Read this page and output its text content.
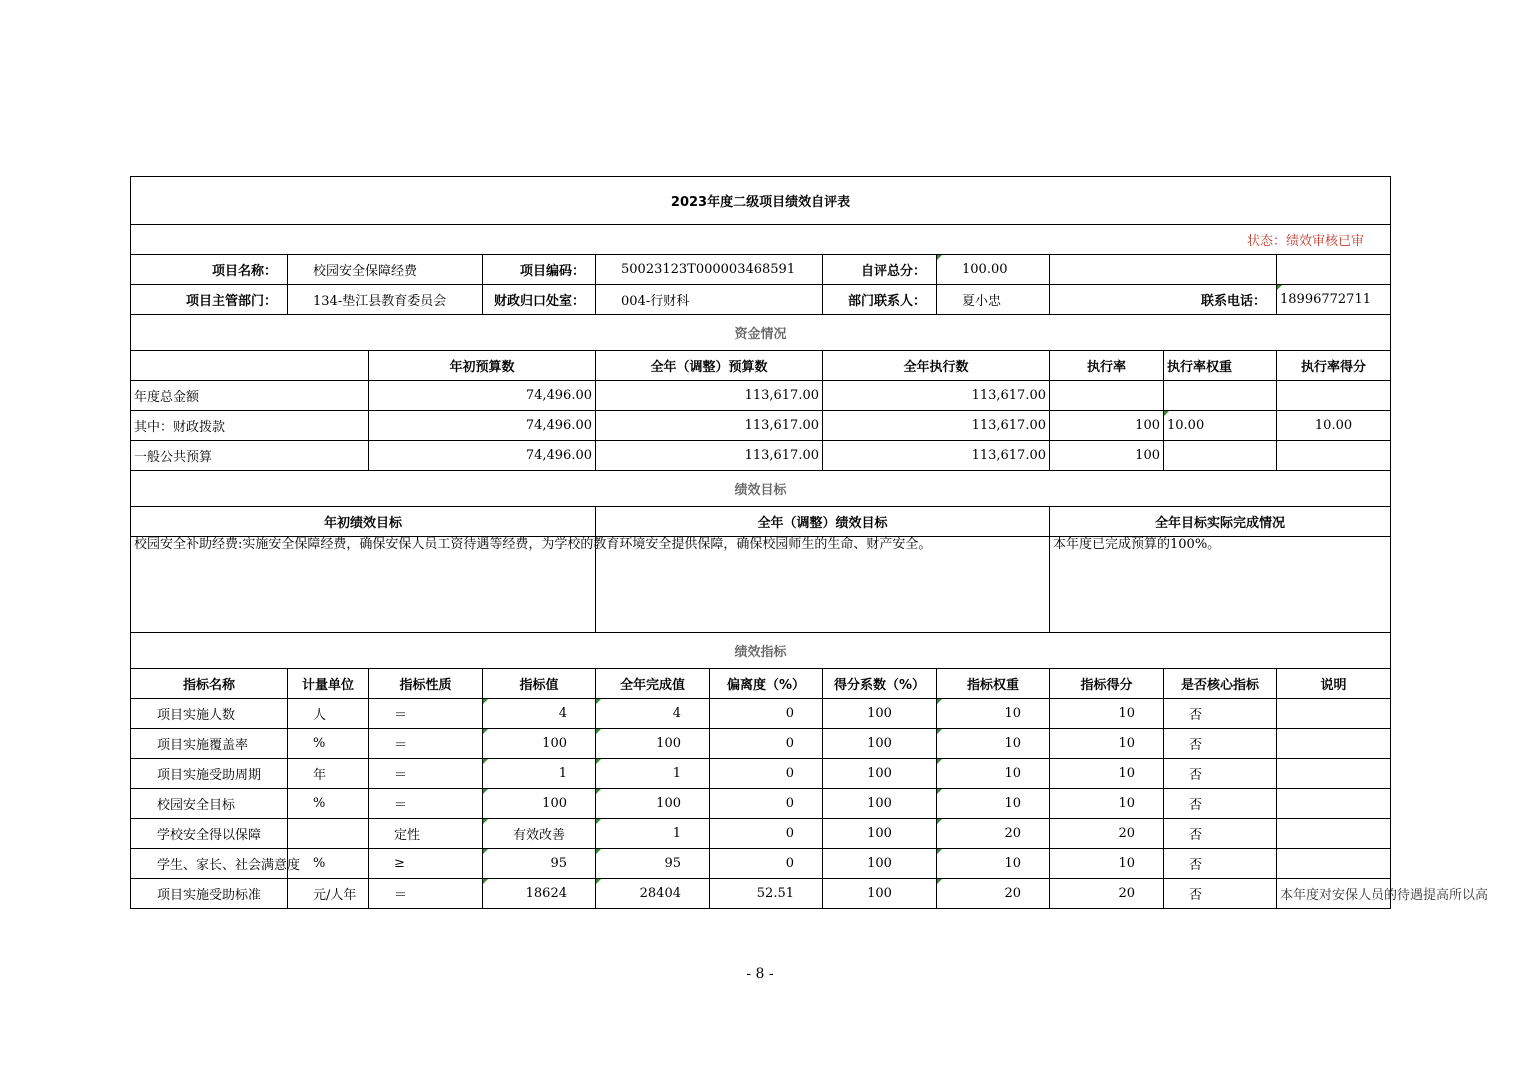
2023年度二级项目绩效自评表										
状态：绩效审核已审										
项目名称：	校园安全保障经费		项目编码：	50023123T000003468591		自评总分：	100.00			
项目主管部门：	134-垫江县教育委员会		财政归口处室：	004-行财科		部门联系人：	夏小忠	联系电话：		18996772711
资金情况										
		年初预算数		全年（调整）预算数		全年执行数		执行率	执行率权重	执行率得分
年度总金额		74,496.00		113,617.00		113,617.00				
其中：财政拨款		74,496.00		113,617.00		113,617.00		100	10.00	10.00
一般公共预算		74,496.00		113,617.00		113,617.00		100		
绩效目标										
年初绩效目标				全年（调整）绩效目标				全年目标实际完成情况		
校园安全补助经费:实施安全保障经费，确保安保人员工资待遇等经费，为学校的教育环境安全提供保障，确保校园师生的生命、财产安全。								本年度已完成预算的100%。		
绩效指标										
指标名称	计量单位	指标性质	指标值	全年完成值	偏离度（%）	得分系数（%）	指标权重	指标得分	是否核心指标	说明
项目实施人数	人	＝	4	4	0	100	10	10	否	
项目实施覆盖率	%	＝	100	100	0	100	10	10	否	
项目实施受助周期	年	＝	1	1	0	100	10	10	否	
校园安全目标	%	＝	100	100	0	100	10	10	否	
学校安全得以保障		定性	有效改善	1	0	100	20	20	否	
学生、家长、社会满意度	%	≥	95	95	0	100	10	10	否	
项目实施受助标准	元/人年	＝	18624	28404	52.51	100	20	20	否	本年度对安保人员的待遇提高所以高
- 8 -
